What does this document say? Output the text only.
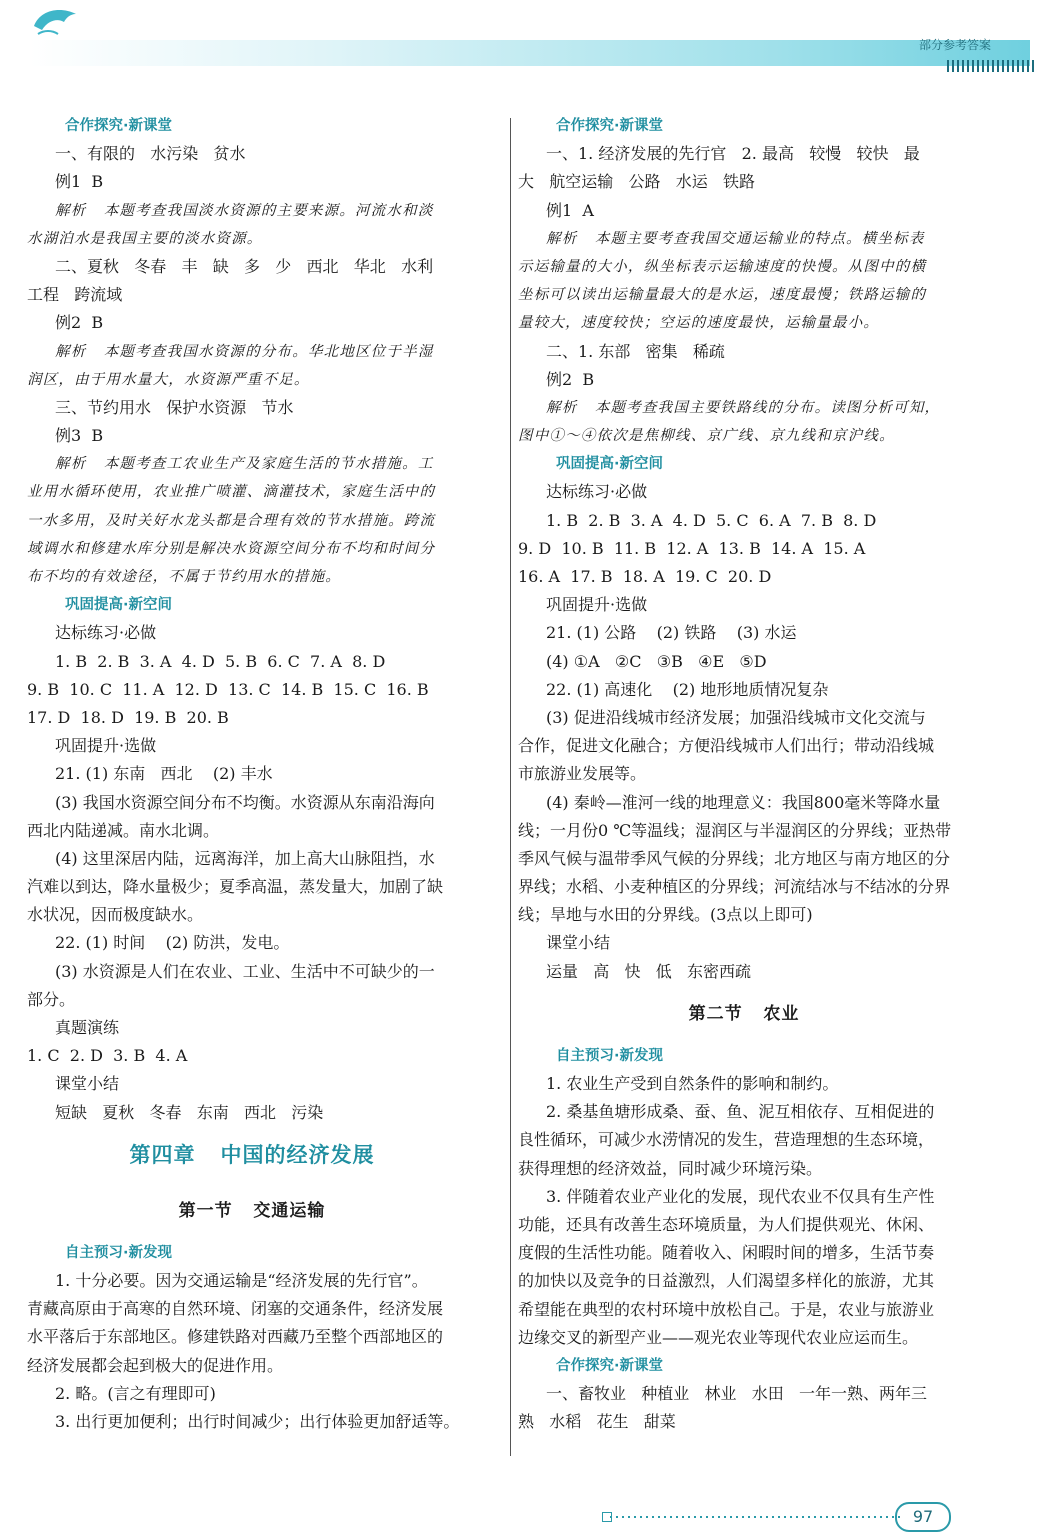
部分参考答案
合作探究·新课堂
一、有限的   水污染   贫水
例1  B
解析   本题考查我国淡水资源的主要来源。河流水和淡
水湖泊水是我国主要的淡水资源。
二、夏秋   冬春   丰   缺   多   少   西北   华北   水利
工程   跨流域
例2  B
解析   本题考查我国水资源的分布。华北地区位于半湿
润区，由于用水量大，水资源严重不足。
三、节约用水   保护水资源   节水
例3  B
解析   本题考查工农业生产及家庭生活的节水措施。工
业用水循环使用，农业推广喷灌、滴灌技术，家庭生活中的
一水多用，及时关好水龙头都是合理有效的节水措施。跨流
域调水和修建水库分别是解决水资源空间分布不均和时间分
布不均的有效途径，不属于节约用水的措施。
巩固提高·新空间
达标练习·必做
1. B  2. B  3. A  4. D  5. B  6. C  7. A  8. D
9. B  10. C  11. A  12. D  13. C  14. B  15. C  16. B
17. D  18. D  19. B  20. B
巩固提升·选做
21. (1) 东南   西北    (2) 丰水
(3) 我国水资源空间分布不均衡。水资源从东南沿海向
西北内陆递减。南水北调。
(4) 这里深居内陆，远离海洋，加上高大山脉阻挡，水
汽难以到达，降水量极少；夏季高温，蒸发量大，加剧了缺
水状况，因而极度缺水。
22. (1) 时间    (2) 防洪，发电。
(3) 水资源是人们在农业、工业、生活中不可缺少的一
部分。
真题演练
1. C  2. D  3. B  4. A
课堂小结
短缺   夏秋   冬春   东南   西北   污染
第四章   中国的经济发展
第一节   交通运输
自主预习·新发现
1. 十分必要。因为交通运输是“经济发展的先行官”。
青藏高原由于高寒的自然环境、闭塞的交通条件，经济发展
水平落后于东部地区。修建铁路对西藏乃至整个西部地区的
经济发展都会起到极大的促进作用。
2. 略。(言之有理即可)
3. 出行更加便利；出行时间减少；出行体验更加舒适等。
合作探究·新课堂
一、1. 经济发展的先行官   2. 最高   较慢   较快   最
大   航空运输   公路   水运   铁路
例1  A
解析   本题主要考查我国交通运输业的特点。横坐标表
示运输量的大小，纵坐标表示运输速度的快慢。从图中的横
坐标可以读出运输量最大的是水运，速度最慢；铁路运输的
量较大，速度较快；空运的速度最快，运输量最小。
二、1. 东部   密集   稀疏
例2  B
解析   本题考查我国主要铁路线的分布。读图分析可知，
图中①～④依次是焦柳线、京广线、京九线和京沪线。
巩固提高·新空间
达标练习·必做
1. B  2. B  3. A  4. D  5. C  6. A  7. B  8. D
9. D  10. B  11. B  12. A  13. B  14. A  15. A
16. A  17. B  18. A  19. C  20. D
巩固提升·选做
21. (1) 公路    (2) 铁路    (3) 水运
(4) ①A   ②C   ③B   ④E   ⑤D
22. (1) 高速化    (2) 地形地质情况复杂
(3) 促进沿线城市经济发展；加强沿线城市文化交流与
合作，促进文化融合；方便沿线城市人们出行；带动沿线城
市旅游业发展等。
(4) 秦岭—淮河一线的地理意义：我国800毫米等降水量
线；一月份0 ℃等温线；湿润区与半湿润区的分界线；亚热带
季风气候与温带季风气候的分界线；北方地区与南方地区的分
界线；水稻、小麦种植区的分界线；河流结冰与不结冰的分界
线；旱地与水田的分界线。(3点以上即可)
课堂小结
运量   高   快   低   东密西疏
第二节   农业
自主预习·新发现
1. 农业生产受到自然条件的影响和制约。
2. 桑基鱼塘形成桑、蚕、鱼、泥互相依存、互相促进的
良性循环，可减少水涝情况的发生，营造理想的生态环境，
获得理想的经济效益，同时减少环境污染。
3. 伴随着农业产业化的发展，现代农业不仅具有生产性
功能，还具有改善生态环境质量，为人们提供观光、休闲、
度假的生活性功能。随着收入、闲暇时间的增多，生活节奏
的加快以及竞争的日益激烈，人们渴望多样化的旅游，尤其
希望能在典型的农村环境中放松自己。于是，农业与旅游业
边缘交叉的新型产业——观光农业等现代农业应运而生。
合作探究·新课堂
一、畜牧业   种植业   林业   水田   一年一熟、两年三
熟   水稻   花生   甜菜
97
